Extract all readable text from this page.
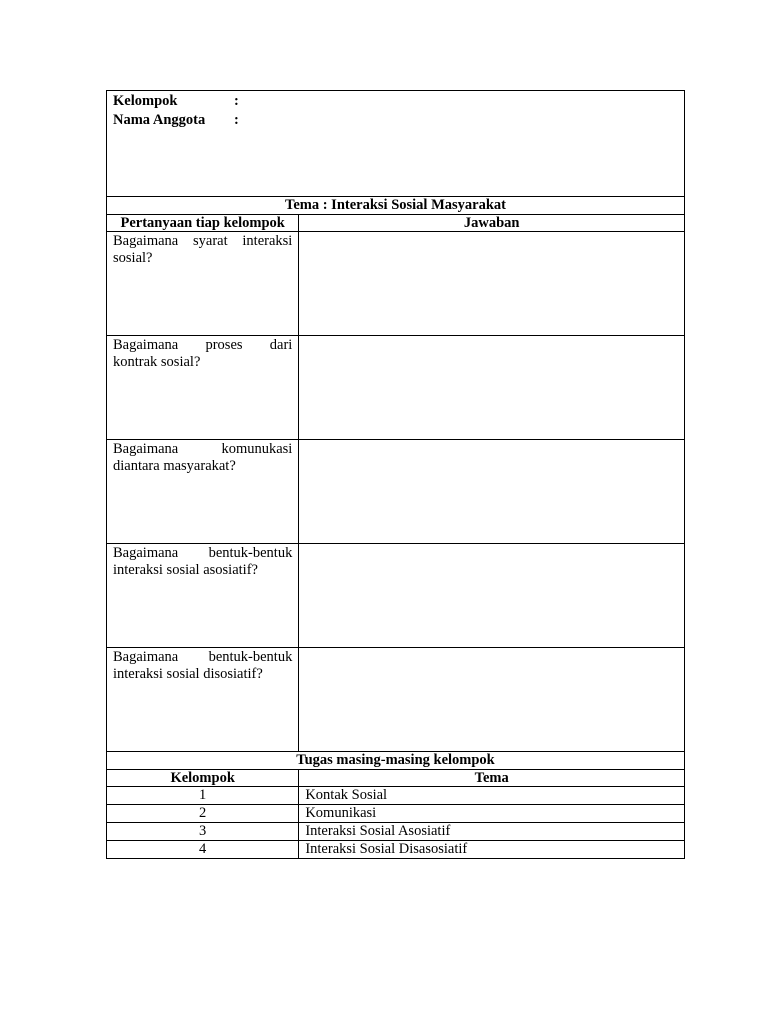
Kelompok :
Nama Anggota :	

Tema : Interaksi Sosial Masyarakat	
Pertanyaan tiap kelompok	Jawaban

Bagaimana syarat interaksi sosial?	

Bagaimana proses dari kontrak sosial?	

Bagaimana komunukasi diantara masyarakat?	

Bagaimana bentuk-bentuk interaksi sosial asosiatif?	

Bagaimana bentuk-bentuk interaksi sosial disosiatif?	

Tugas masing-masing kelompok	
Kelompok	Tema
1	Kontak Sosial
2	Komunikasi
3	Interaksi Sosial Asosiatif
4	Interaksi Sosial Disasosiatif
